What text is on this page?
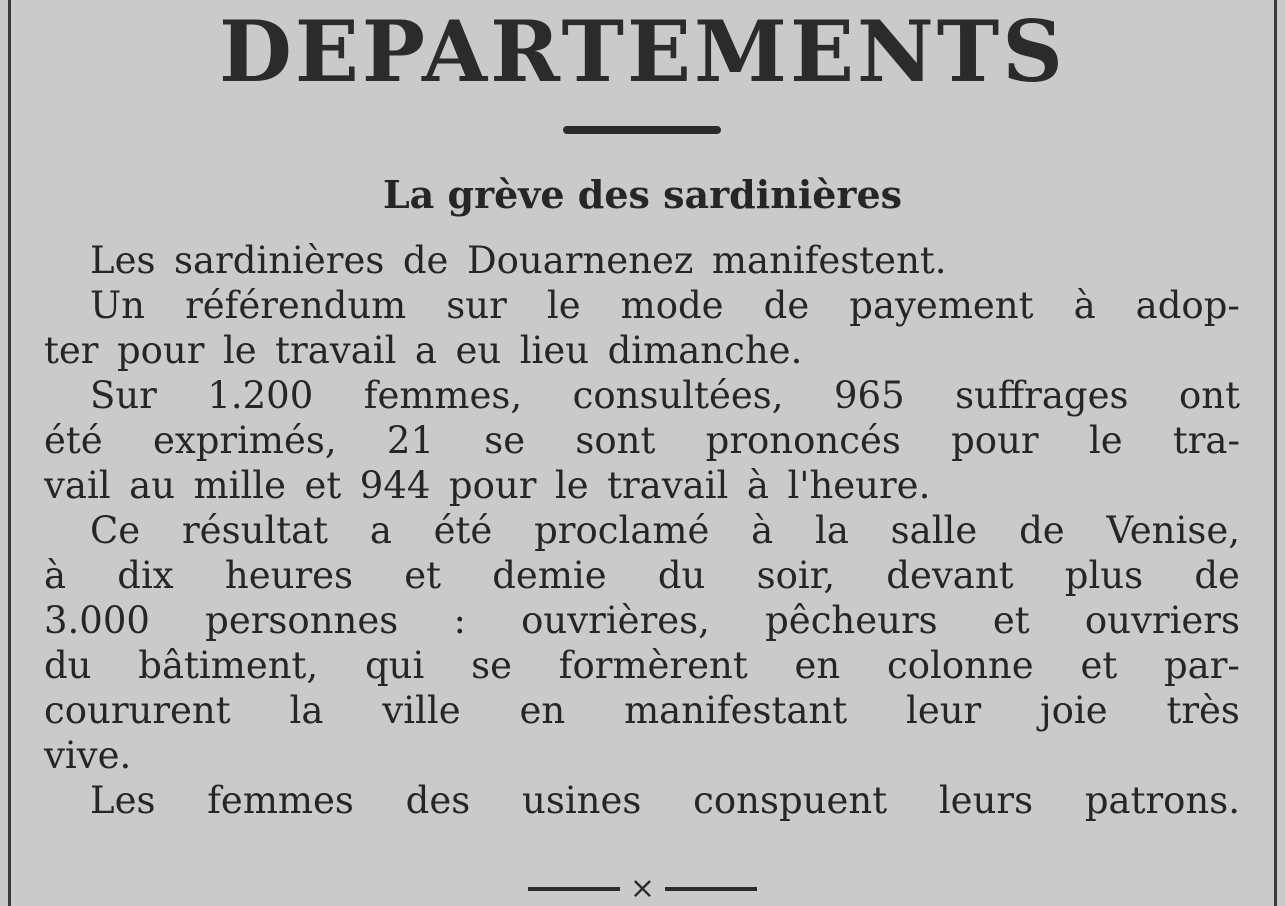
DEPARTEMENTS
La grève des sardinières
Les sardinières de Douarnenez manifestent.
Un référendum sur le mode de payement à adop-
ter pour le travail a eu lieu dimanche.
Sur 1.200 femmes, consultées, 965 suffrages ont
été exprimés, 21 se sont prononcés pour le tra-
vail au mille et 944 pour le travail à l'heure.
Ce résultat a été proclamé à la salle de Venise,
à dix heures et demie du soir, devant plus de
3.000 personnes : ouvrières, pêcheurs et ouvriers
du bâtiment, qui se formèrent en colonne et par-
coururent la ville en manifestant leur joie très
vive.
Les femmes des usines conspuent leurs patrons.
×
